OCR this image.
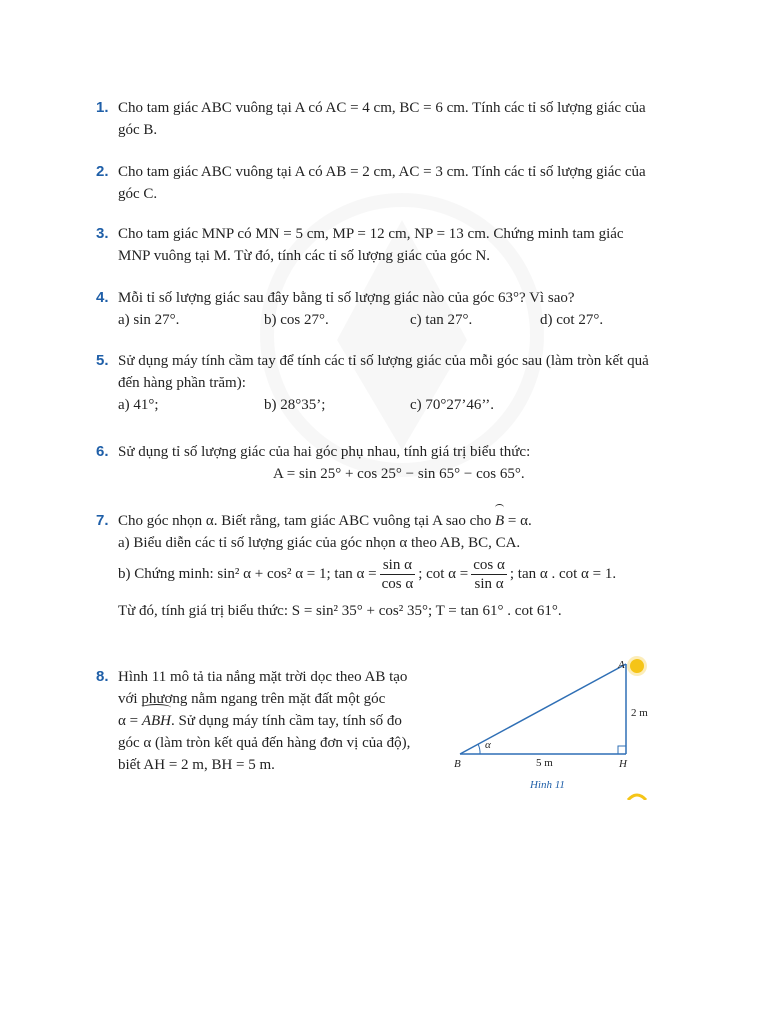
1. Cho tam giác ABC vuông tại A có AC = 4 cm, BC = 6 cm. Tính các tỉ số lượng giác của
góc B.
2. Cho tam giác ABC vuông tại A có AB = 2 cm, AC = 3 cm. Tính các tỉ số lượng giác của
góc C.
3. Cho tam giác MNP có MN = 5 cm, MP = 12 cm, NP = 13 cm. Chứng minh tam giác
MNP vuông tại M. Từ đó, tính các tỉ số lượng giác của góc N.
4. Mỗi tỉ số lượng giác sau đây bằng tỉ số lượng giác nào của góc 63°? Vì sao?
a) sin 27°.	b) cos 27°.	c) tan 27°.	d) cot 27°.
5. Sử dụng máy tính cầm tay để tính các tỉ số lượng giác của mỗi góc sau (làm tròn kết quả
đến hàng phần trăm):
a) 41°;	b) 28°35’;	c) 70°27’46’’.
6. Sử dụng tỉ số lượng giác của hai góc phụ nhau, tính giá trị biểu thức:
A = sin 25° + cos 25° − sin 65° − cos 65°.
7. Cho góc nhọn α. Biết rằng, tam giác ABC vuông tại A sao cho B = α.
a) Biểu diễn các tỉ số lượng giác của góc nhọn α theo AB, BC, CA.
b) Chứng minh: sin² α + cos² α = 1; $\tan \alpha = \frac{\text{sin α}}{\text{cos α}}$ ; $\cot \alpha = \frac{\text{cos α}}{\text{sin α}}$ ; tan α . cot α = 1.
Từ đó, tính giá trị biểu thức: S = sin² 35° + cos² 35°; T = tan 61° . cot 61°.
8. Hình 11 mô tả tia nắng mặt trời dọc theo AB tạo
với phương nằm ngang trên mặt đất một góc
α = ABH. Sử dụng máy tính cầm tay, tính số đo
góc α (làm tròn kết quả đến hàng đơn vị của độ),
biết AH = 2 m, BH = 5 m.
A
B	H
α
2 m
5 m
Hình 11
